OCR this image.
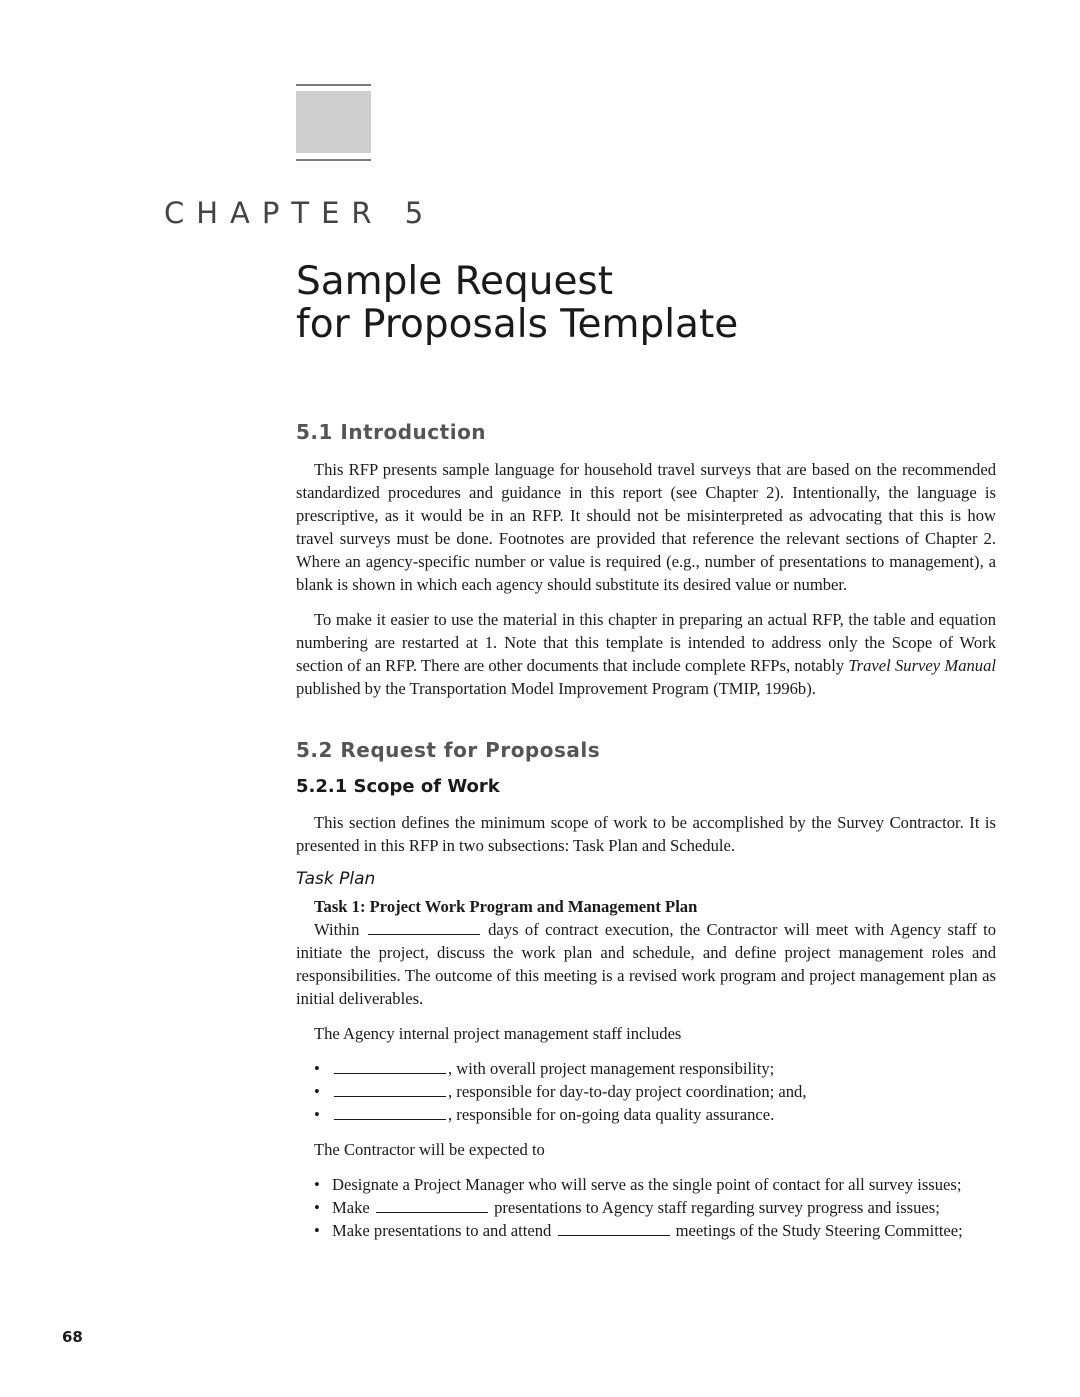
CHAPTER 5
Sample Request
for Proposals Template
5.1 Introduction

This RFP presents sample language for household travel surveys that are based on the recommended standardized procedures and guidance in this report (see Chapter 2). Intentionally, the language is prescriptive, as it would be in an RFP. It should not be misinterpreted as advocating that this is how travel surveys must be done. Footnotes are provided that reference the relevant sections of Chapter 2. Where an agency-specific number or value is required (e.g., number of presentations to management), a blank is shown in which each agency should substitute its desired value or number.

To make it easier to use the material in this chapter in preparing an actual RFP, the table and equation numbering are restarted at 1. Note that this template is intended to address only the Scope of Work section of an RFP. There are other documents that include complete RFPs, notably Travel Survey Manual published by the Transportation Model Improvement Program (TMIP, 1996b).

5.2 Request for Proposals
5.2.1 Scope of Work

This section defines the minimum scope of work to be accomplished by the Survey Contractor. It is presented in this RFP in two subsections: Task Plan and Schedule.

Task Plan
Task 1: Project Work Program and Management Plan

Within	days of contract execution, the Contractor will meet with Agency staff to initiate the project, discuss the work plan and schedule, and define project management roles and responsibilities. The outcome of this meeting is a revised work program and project management plan as initial deliverables.

The Agency internal project management staff includes

• , with overall project management responsibility;
• , responsible for day-to-day project coordination; and,
• , responsible for on-going data quality assurance.

The Contractor will be expected to

• Designate a Project Manager who will serve as the single point of contact for all survey issues;
• Make	presentations to Agency staff regarding survey progress and issues;
• Make presentations to and attend	meetings of the Study Steering Committee;
68
